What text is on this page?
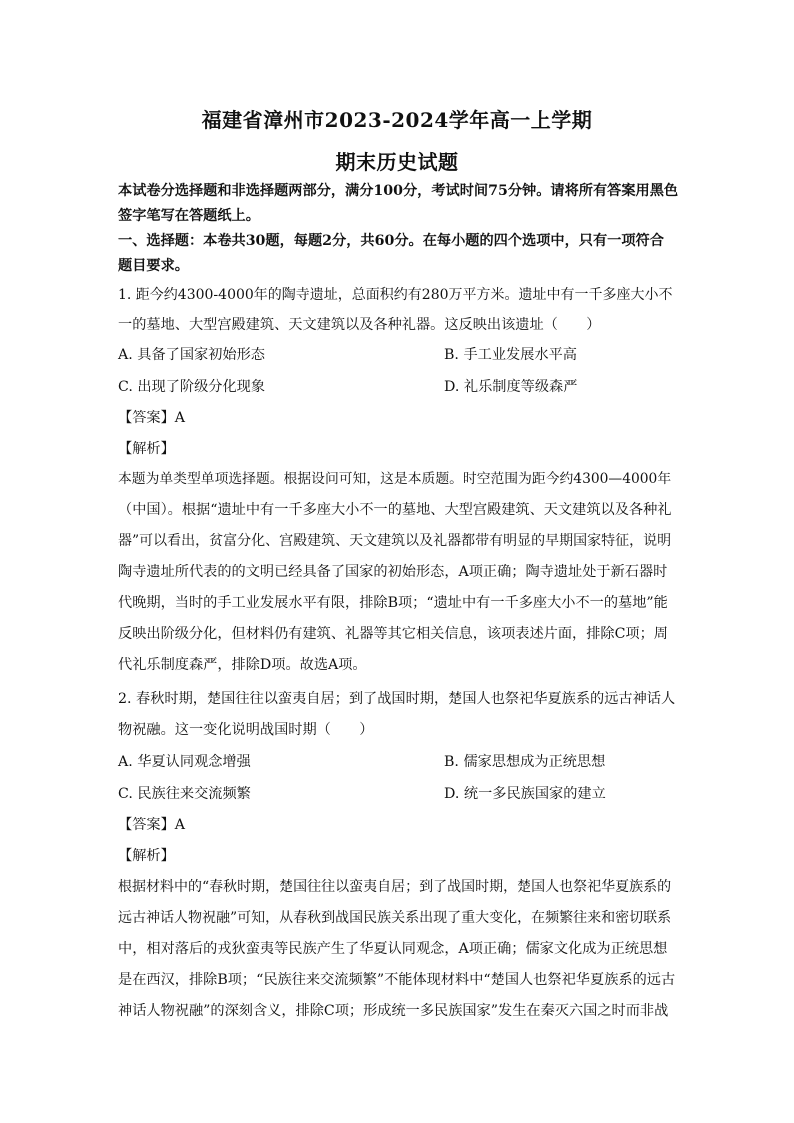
福建省漳州市2023-2024学年高一上学期
期末历史试题
本试卷分选择题和非选择题两部分，满分100分，考试时间75分钟。请将所有答案用黑色
签字笔写在答题纸上。
一、选择题：本卷共30题，每题2分，共60分。在每小题的四个选项中，只有一项符合
题目要求。
1. 距今约4300-4000年的陶寺遗址，总面积约有280万平方米。遗址中有一千多座大小不
一的墓地、大型宫殿建筑、天文建筑以及各种礼器。这反映出该遗址（　　）
A. 具备了国家初始形态	B. 手工业发展水平高
C. 出现了阶级分化现象	D. 礼乐制度等级森严
【答案】A
【解析】
本题为单类型单项选择题。根据设问可知，这是本质题。时空范围为距今约4300—4000年
（中国）。根据“遗址中有一千多座大小不一的墓地、大型宫殿建筑、天文建筑以及各种礼
器”可以看出，贫富分化、宫殿建筑、天文建筑以及礼器都带有明显的早期国家特征，说明
陶寺遗址所代表的的文明已经具备了国家的初始形态，A项正确；陶寺遗址处于新石器时
代晚期，当时的手工业发展水平有限，排除B项；“遗址中有一千多座大小不一的墓地”能
反映出阶级分化，但材料仍有建筑、礼器等其它相关信息，该项表述片面，排除C项；周
代礼乐制度森严，排除D项。故选A项。
2. 春秋时期，楚国往往以蛮夷自居；到了战国时期，楚国人也祭祀华夏族系的远古神话人
物祝融。这一变化说明战国时期（　　）
A. 华夏认同观念增强	B. 儒家思想成为正统思想
C. 民族往来交流频繁	D. 统一多民族国家的建立
【答案】A
【解析】
根据材料中的“春秋时期，楚国往往以蛮夷自居；到了战国时期，楚国人也祭祀华夏族系的
远古神话人物祝融”可知，从春秋到战国民族关系出现了重大变化，在频繁往来和密切联系
中，相对落后的戎狄蛮夷等民族产生了华夏认同观念，A项正确；儒家文化成为正统思想
是在西汉，排除B项；“民族往来交流频繁”不能体现材料中“楚国人也祭祀华夏族系的远古
神话人物祝融”的深刻含义，排除C项；形成统一多民族国家”发生在秦灭六国之时而非战
